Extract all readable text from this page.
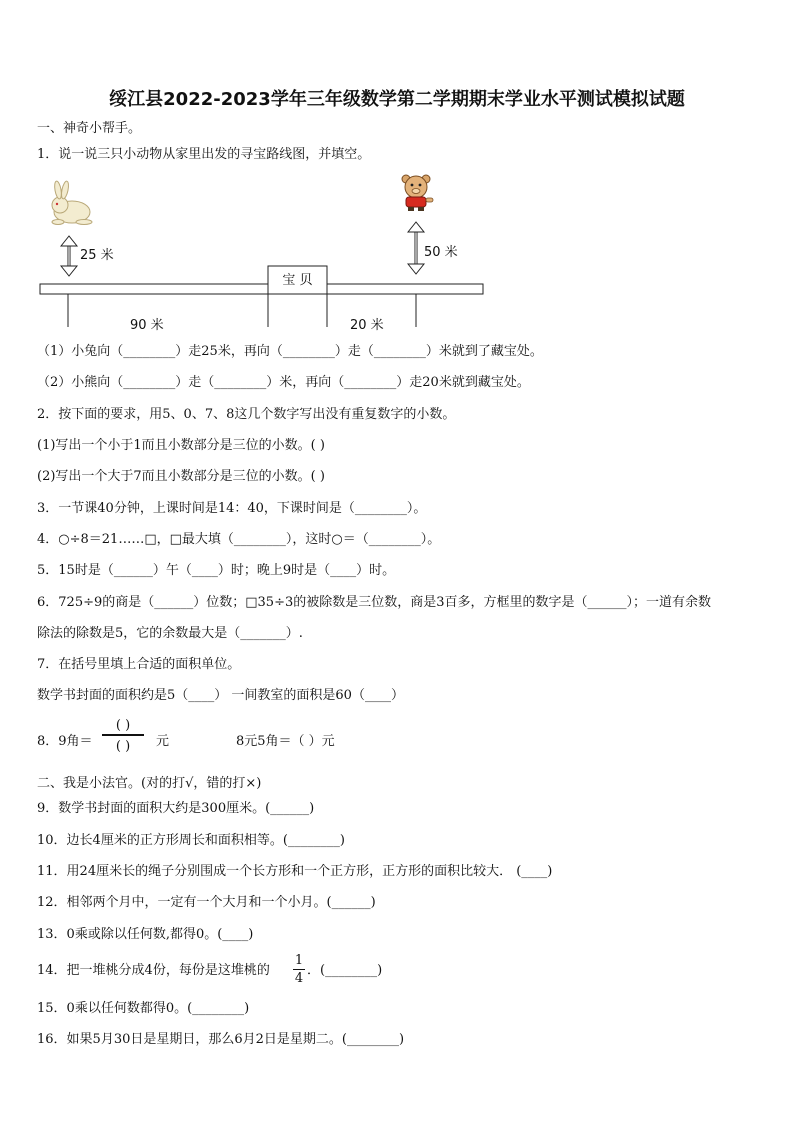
绥江县2022-2023学年三年级数学第二学期期末学业水平测试模拟试题
一、神奇小帮手。
1．说一说三只小动物从家里出发的寻宝路线图，并填空。
25 米	50 米
宝 贝
90 米	20 米
（1）小兔向（________）走25米，再向（________）走（________）米就到了藏宝处。
（2）小熊向（________）走（________）米，再向（________）走20米就到藏宝处。
2．按下面的要求，用5、0、7、8这几个数字写出没有重复数字的小数。
(1)写出一个小于1而且小数部分是三位的小数。( )
(2)写出一个大于7而且小数部分是三位的小数。( )
3．一节课40分钟，上课时间是14：40，下课时间是（________）。
4．○÷8＝21……□，□最大填（________），这时○＝（________）。
5．15时是（______）午（____）时；晚上9时是（____）时。
6．725÷9的商是（______）位数；□35÷3的被除数是三位数，商是3百多，方框里的数字是（______）；一道有余数
除法的除数是5，它的余数最大是（_______）.
7．在括号里填上合适的面积单位。
数学书封面的面积约是5（____） 一间教室的面积是60（____）
8．9角＝
( )
( )	元	8元5角＝（ ）元
二、我是小法官。(对的打√，错的打×)
9．数学书封面的面积大约是300厘米。(______)
10．边长4厘米的正方形周长和面积相等。(________)
11．用24厘米长的绳子分别围成一个长方形和一个正方形，正方形的面积比较大． (____)
12．相邻两个月中，一定有一个大月和一个小月。(______)
13．0乘或除以任何数,都得0。(____)
14．把一堆桃分成4份，每份是这堆桃的
1
4
．(________)
15．0乘以任何数都得0。(________)
16．如果5月30日是星期日，那么6月2日是星期二。(________)
